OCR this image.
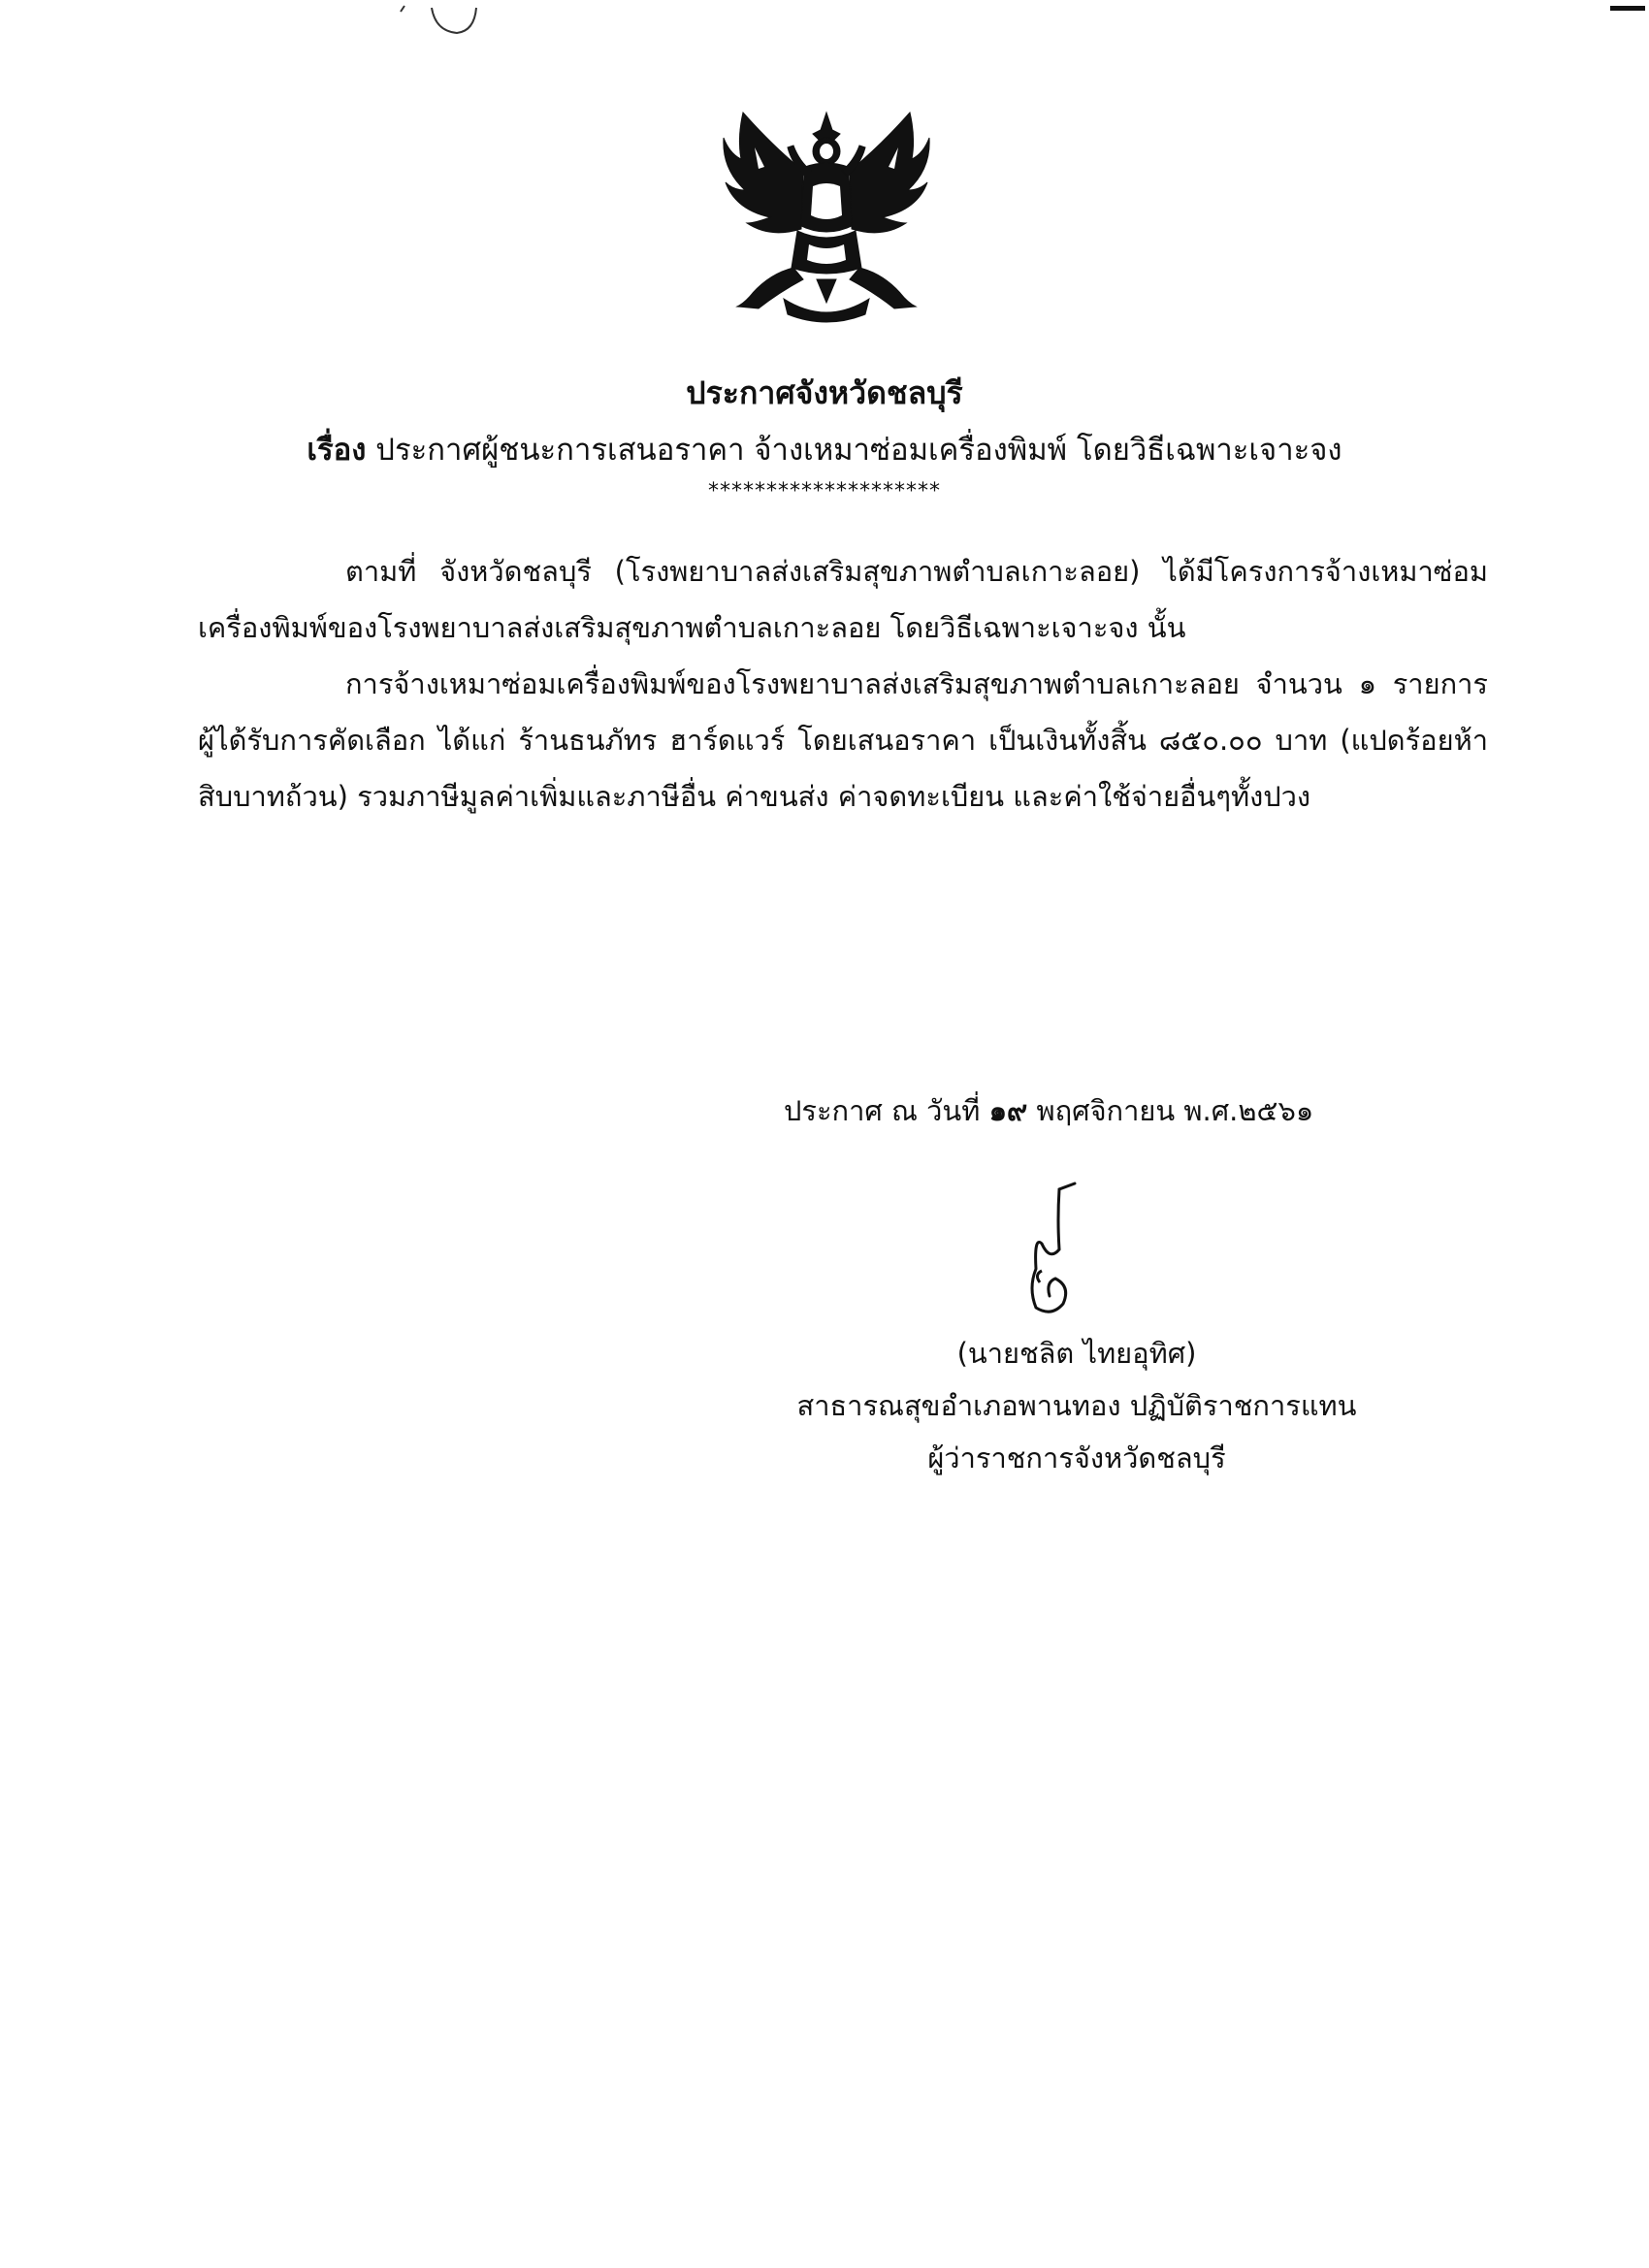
ประกาศจังหวัดชลบุรี
เรื่อง ประกาศผู้ชนะการเสนอราคา จ้างเหมาซ่อมเครื่องพิมพ์ โดยวิธีเฉพาะเจาะจง
********************
ตามที่ จังหวัดชลบุรี (โรงพยาบาลส่งเสริมสุขภาพตำบลเกาะลอย) ได้มีโครงการจ้างเหมาซ่อมเครื่องพิมพ์ของโรงพยาบาลส่งเสริมสุขภาพตำบลเกาะลอย โดยวิธีเฉพาะเจาะจง นั้น
การจ้างเหมาซ่อมเครื่องพิมพ์ของโรงพยาบาลส่งเสริมสุขภาพตำบลเกาะลอย จำนวน ๑ รายการ ผู้ได้รับการคัดเลือก ได้แก่ ร้านธนภัทร ฮาร์ดแวร์ โดยเสนอราคา เป็นเงินทั้งสิ้น ๘๕๐.๐๐ บาท (แปดร้อยห้าสิบบาทถ้วน) รวมภาษีมูลค่าเพิ่มและภาษีอื่น ค่าขนส่ง ค่าจดทะเบียน และค่าใช้จ่ายอื่นๆทั้งปวง
ประกาศ ณ วันที่ ๑๙ พฤศจิกายน พ.ศ.๒๕๖๑
(นายชลิต ไทยอุทิศ)
สาธารณสุขอำเภอพานทอง ปฏิบัติราชการแทน
ผู้ว่าราชการจังหวัดชลบุรี
